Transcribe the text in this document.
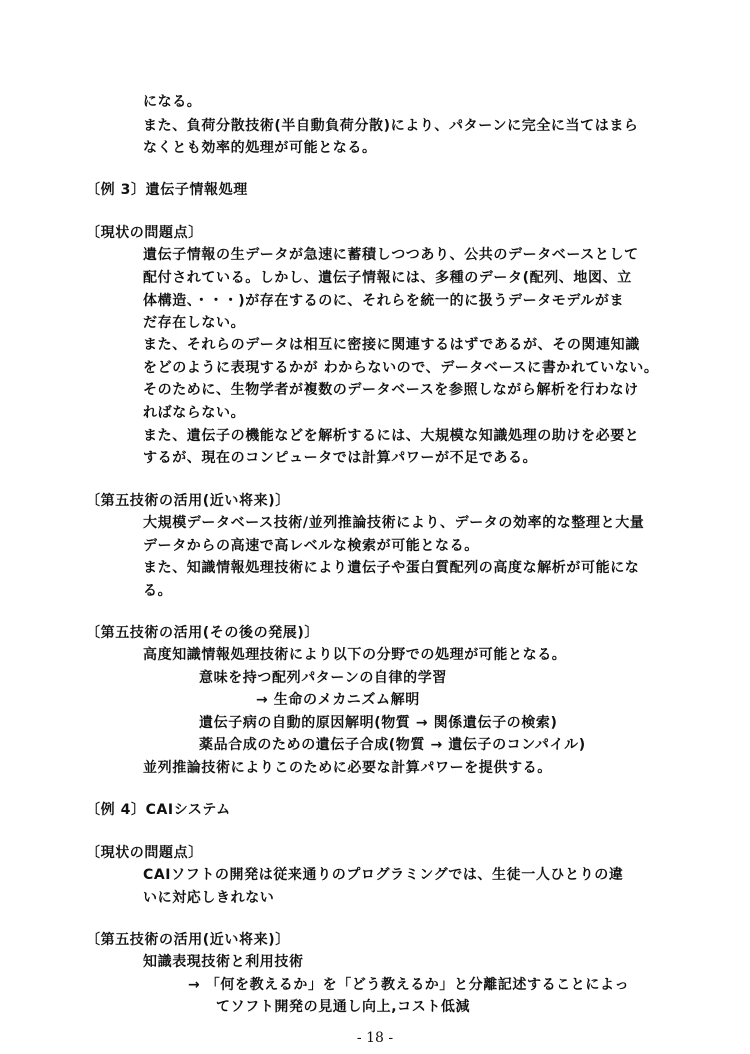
になる。
また、負荷分散技術(半自動負荷分散)により、パターンに完全に当てはまら
なくとも効率的処理が可能となる。
〔例 3〕遺伝子情報処理
〔現状の問題点〕
遺伝子情報の生データが急速に蓄積しつつあり、公共のデータベースとして
配付されている。しかし、遺伝子情報には、多種のデータ(配列、地図、立
体構造、・・・)が存在するのに、それらを統一的に扱うデータモデルがま
だ存在しない。
また、それらのデータは相互に密接に関連するはずであるが、その関連知識
をどのように表現するかが わからないので、データベースに書かれていない。
そのために、生物学者が複数のデータベースを参照しながら解析を行わなけ
ればならない。
また、遺伝子の機能などを解析するには、大規模な知識処理の助けを必要と
するが、現在のコンピュータでは計算パワーが不足である。
〔第五技術の活用(近い将来)〕
大規模データベース技術/並列推論技術により、データの効率的な整理と大量
データからの高速で高レベルな検索が可能となる。
また、知識情報処理技術により遺伝子や蛋白質配列の高度な解析が可能にな
る。
〔第五技術の活用(その後の発展)〕
高度知識情報処理技術により以下の分野での処理が可能となる。
意味を持つ配列パターンの自律的学習
→ 生命のメカニズム解明
遺伝子病の自動的原因解明(物質 → 関係遺伝子の検索)
薬品合成のための遺伝子合成(物質 → 遺伝子のコンパイル)
並列推論技術によりこのために必要な計算パワーを提供する。
〔例 4〕CAIシステム
〔現状の問題点〕
CAIソフトの開発は従来通りのプログラミングでは、生徒一人ひとりの違
いに対応しきれない
〔第五技術の活用(近い将来)〕
知識表現技術と利用技術
→ 「何を教えるか」を「どう教えるか」と分離記述することによっ
てソフト開発の見通し向上,コスト低減
- 18 -
